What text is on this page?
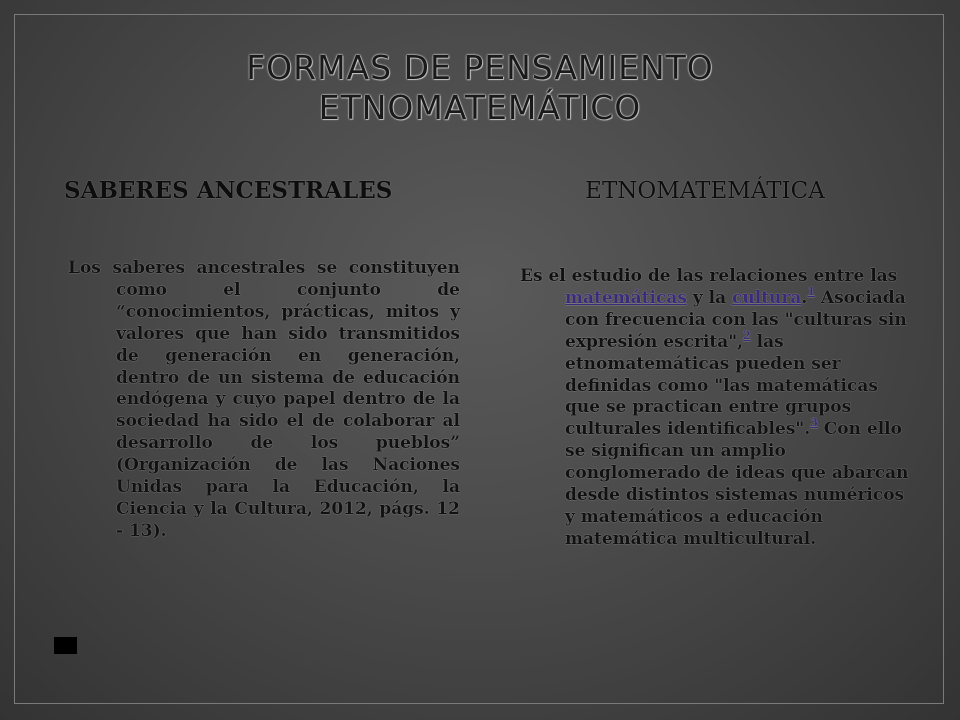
FORMAS DE PENSAMIENTO
ETNOMATEMÁTICO
SABERES ANCESTRALES	ETNOMATEMÁTICA
Los saberes ancestrales se constituyen como el conjunto de “conocimientos, prácticas, mitos y valores que han sido transmitidos de generación en generación, dentro de un sistema de educación endógena y cuyo papel dentro de la sociedad ha sido el de colaborar al desarrollo de los pueblos” (Organización de las Naciones Unidas para la Educación, la Ciencia y la Cultura, 2012, págs. 12 - 13).
Es el estudio de las relaciones entre las matemáticas y la cultura.$^1$ Asociada con frecuencia con las "culturas sin expresión escrita",$^2$ las etnomatemáticas pueden ser definidas como "las matemáticas que se practican entre grupos culturales identificables".$^3$ Con ello se significan un amplio conglomerado de ideas que abarcan desde distintos sistemas numéricos y matemáticos a educación matemática multicultural.
